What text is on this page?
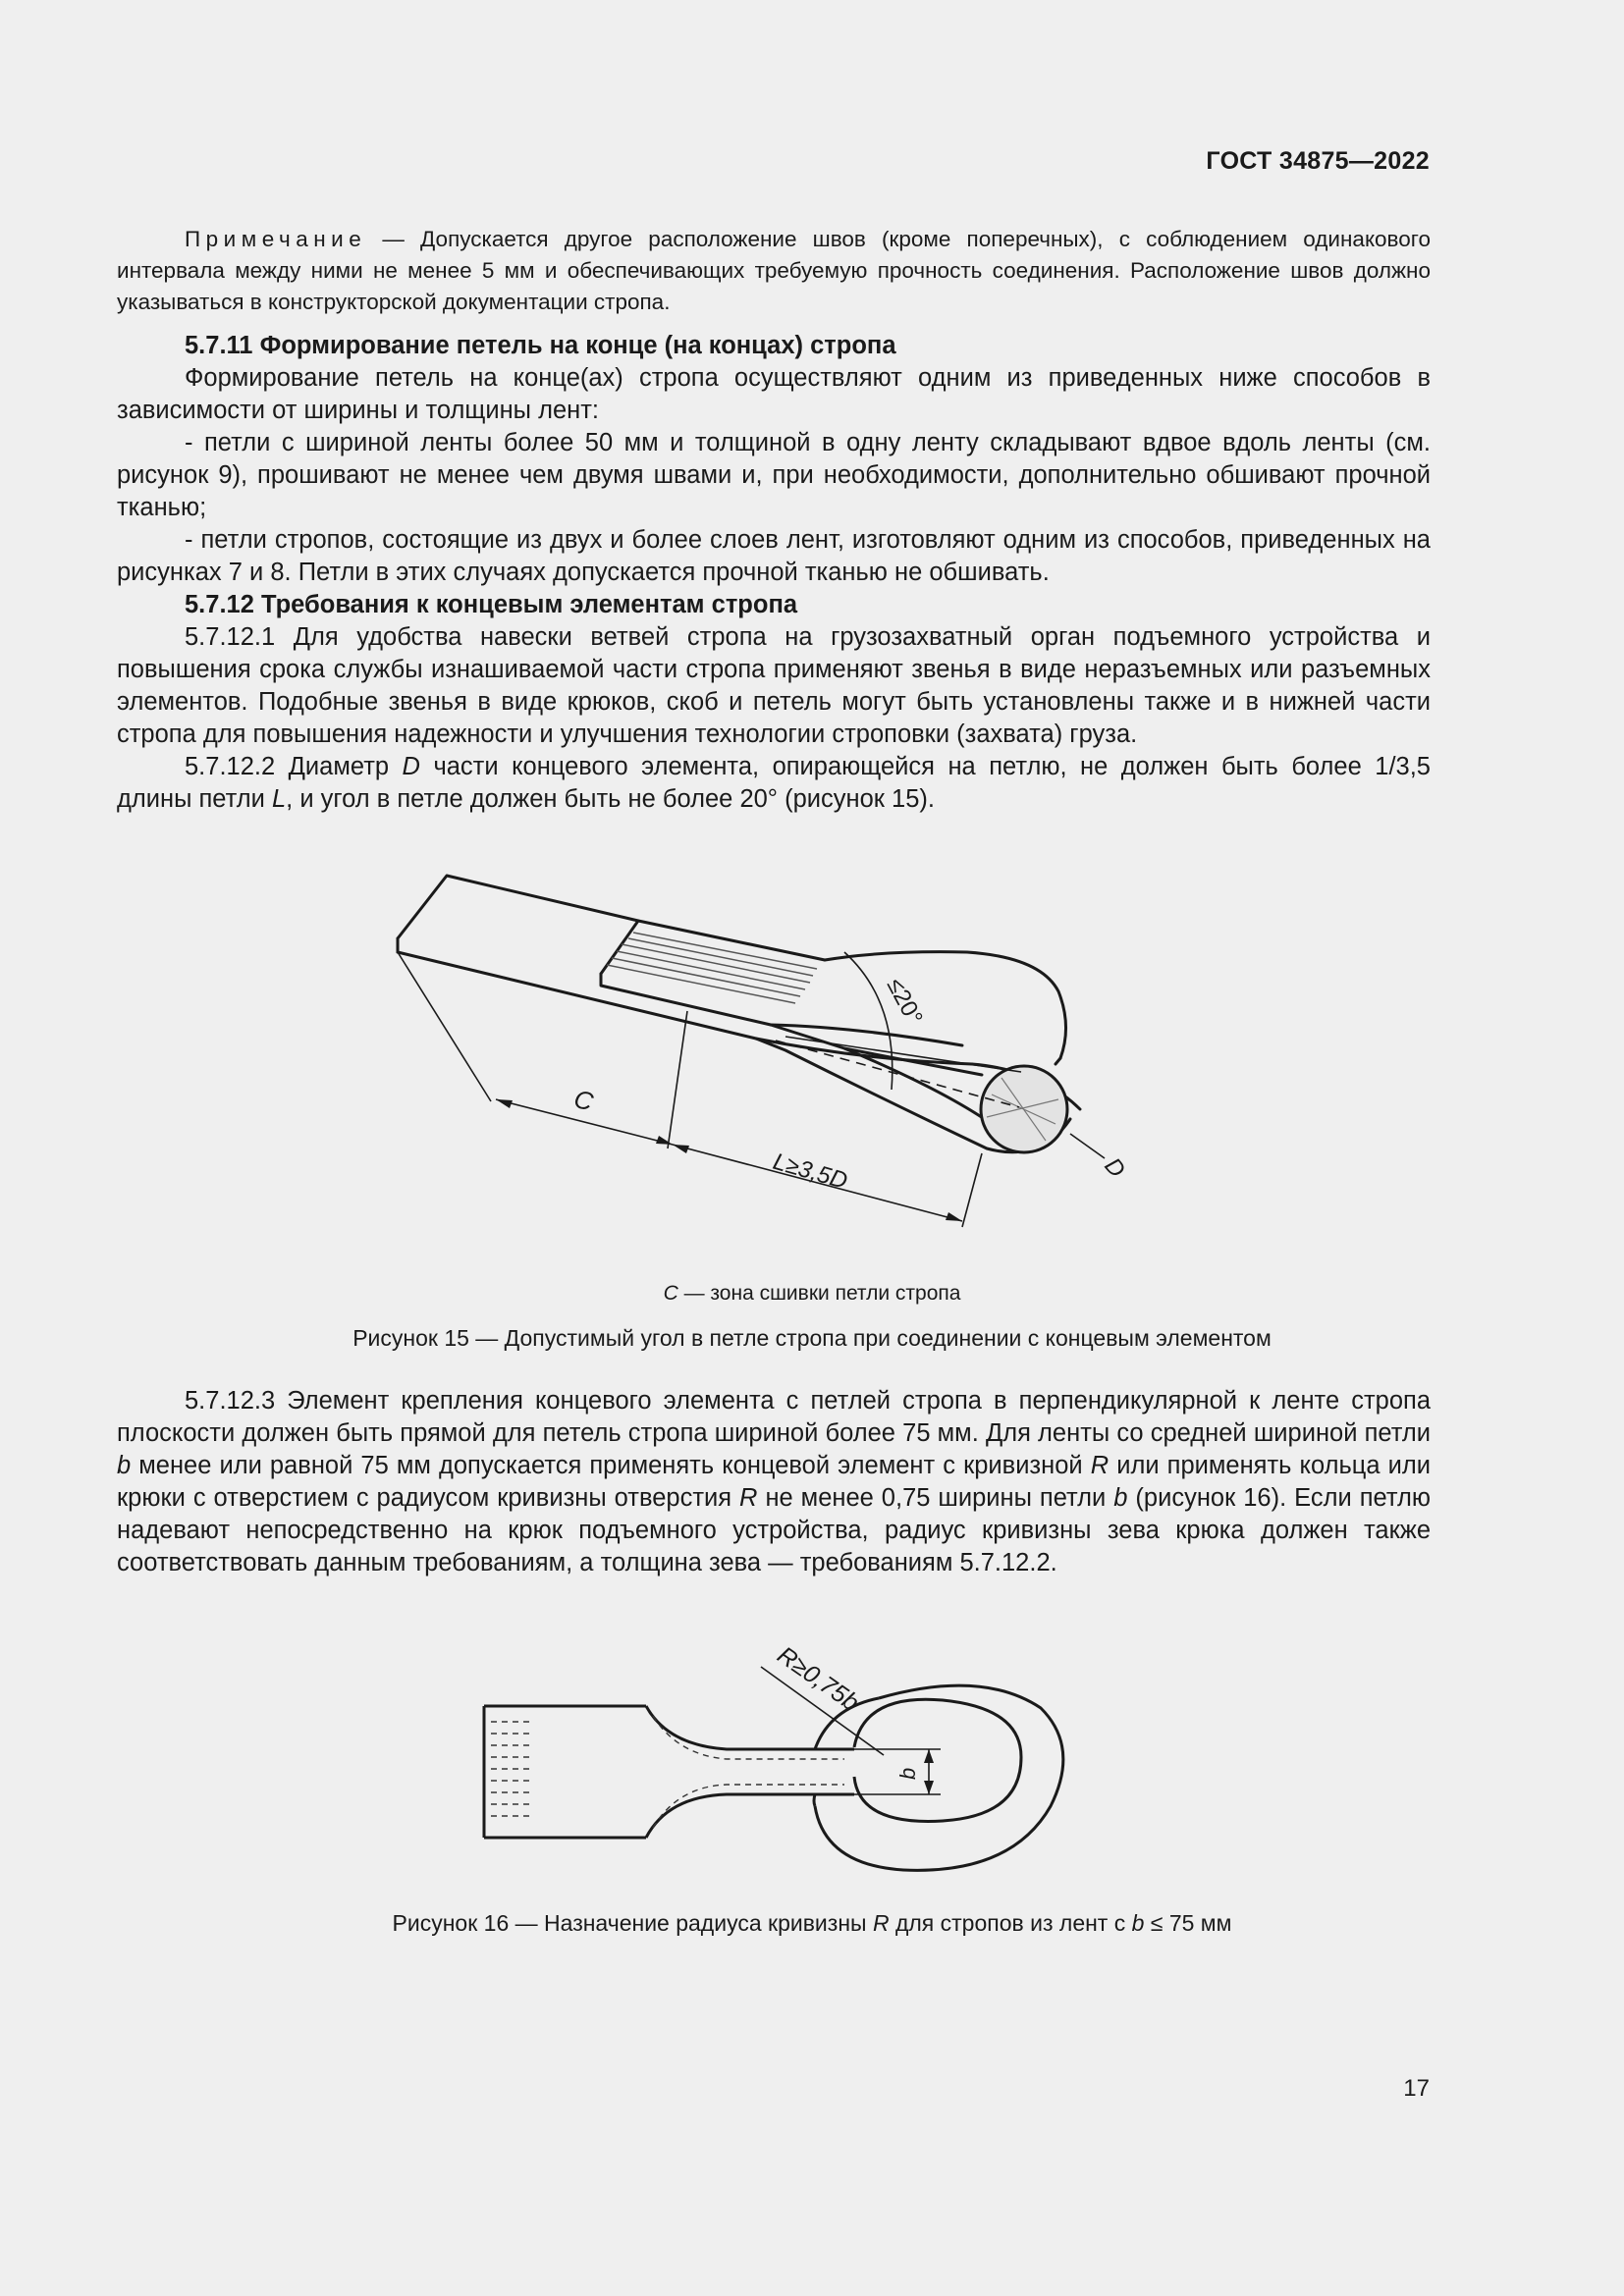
ГОСТ 34875—2022

Примечание — Допускается другое расположение швов (кроме поперечных), с соблюдением одинакового интервала между ними не менее 5 мм и обеспечивающих требуемую прочность соединения. Расположение швов должно указываться в конструкторской документации стропа.

5.7.11 Формирование петель на конце (на концах) стропа

Формирование петель на конце(ах) стропа осуществляют одним из приведенных ниже способов в зависимости от ширины и толщины лент:

- петли с шириной ленты более 50 мм и толщиной в одну ленту складывают вдвое вдоль ленты (см. рисунок 9), прошивают не менее чем двумя швами и, при необходимости, дополнительно обшивают прочной тканью;

- петли стропов, состоящие из двух и более слоев лент, изготовляют одним из способов, приведенных на рисунках 7 и 8. Петли в этих случаях допускается прочной тканью не обшивать.

5.7.12 Требования к концевым элементам стропа

5.7.12.1 Для удобства навески ветвей стропа на грузозахватный орган подъемного устройства и повышения срока службы изнашиваемой части стропа применяют звенья в виде неразъемных или разъемных элементов. Подобные звенья в виде крюков, скоб и петель могут быть установлены также и в нижней части стропа для повышения надежности и улучшения технологии строповки (захвата) груза.

5.7.12.2 Диаметр D части концевого элемента, опирающейся на петлю, не должен быть более 1/3,5 длины петли L, и угол в петле должен быть не более 20° (рисунок 15).

≤20°
C
L≥3,5D	D
C — зона сшивки петли стропа
Рисунок 15 — Допустимый угол в петле стропа при соединении с концевым элементом

5.7.12.3 Элемент крепления концевого элемента с петлей стропа в перпендикулярной к ленте стропа плоскости должен быть прямой для петель стропа шириной более 75 мм. Для ленты со средней шириной петли b менее или равной 75 мм допускается применять концевой элемент с кривизной R или применять кольца или крюки с отверстием с радиусом кривизны отверстия R не менее 0,75 ширины петли b (рисунок 16). Если петлю надевают непосредственно на крюк подъемного устройства, радиус кривизны зева крюка должен также соответствовать данным требованиям, а толщина зева — требованиям 5.7.12.2.

R≥0,75b
b
Рисунок 16 — Назначение радиуса кривизны R для стропов из лент с b ≤ 75 мм
17
